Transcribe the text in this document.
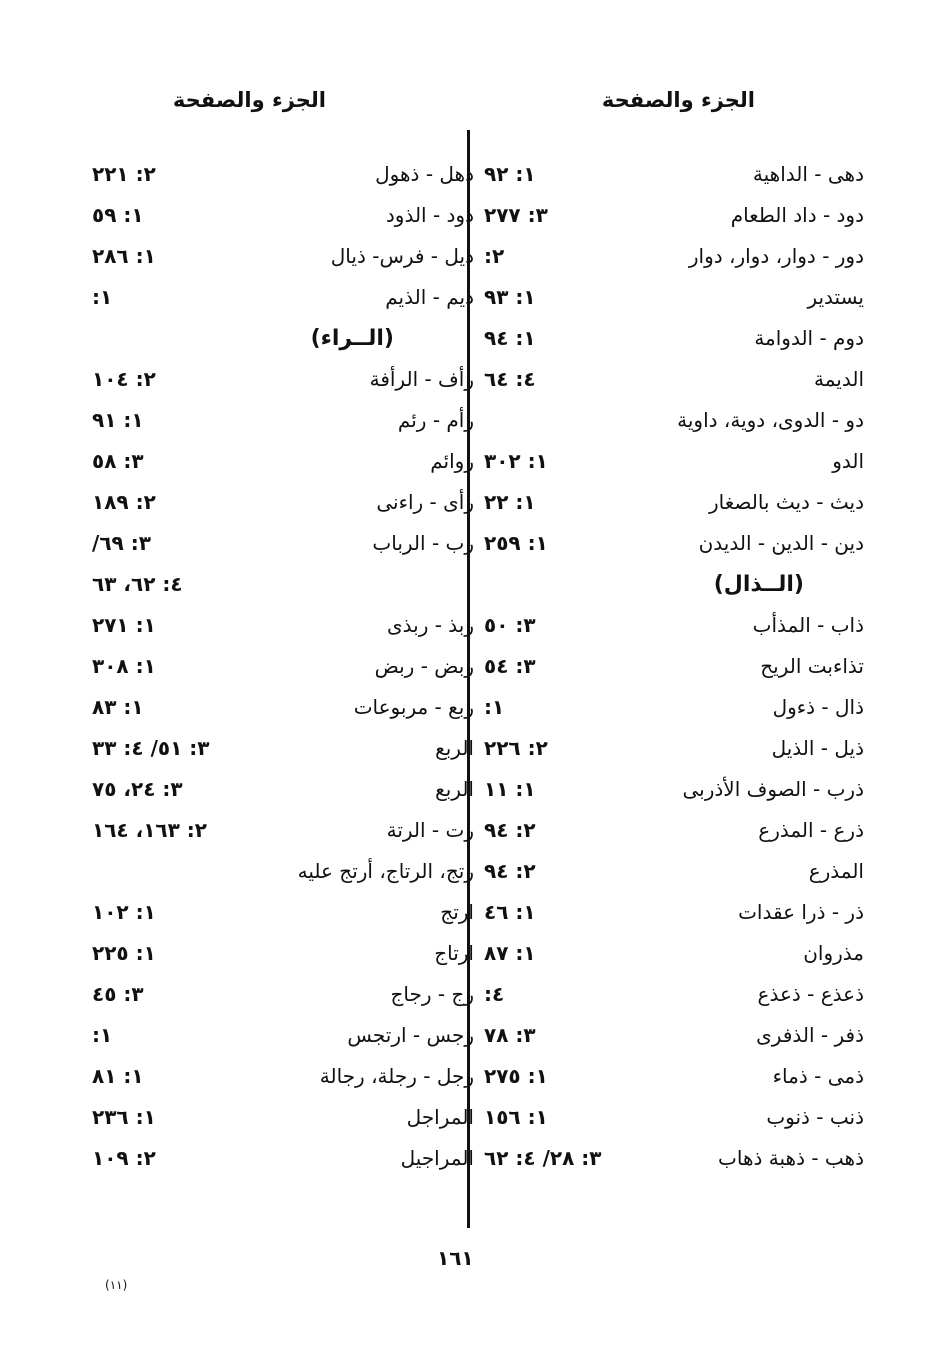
الجزء والصفحة
الجزء والصفحة
دهى - الداهية
١: ٩٢
دود - داد الطعام
٣: ٢٧٧
دور - دوار، دوار، دوار
٢:
يستدير
١: ٩٣
دوم - الدوامة
١: ٩٤
الديمة
٤: ٦٤
دو - الدوى، دوية، داوية
الدو
١: ٣٠٢
ديث - ديث بالصغار
١: ٢٢
دين - الدين - الديدن
١: ٢٥٩
(الــذال)
ذاب - المذأب
٣: ٥٠
تذاءبت الريح
٣: ٥٤
ذال - ذءول
١:
ذيل - الذيل
٢: ٢٢٦
ذرب - الصوف الأذربى
١: ١١
ذرع - المذرع
٢: ٩٤
المذرع
٢: ٩٤
ذر - ذرا عقدات
١: ٤٦
مذروان
١: ٨٧
ذعذع - ذعذع
٤:
ذفر - الذفرى
٣: ٧٨
ذمى - ذماء
١: ٢٧٥
ذنب - ذنوب
١: ١٥٦
ذهب - ذهبة ذهاب
٣: ٢٨/ ٤: ٦٢
ذهل - ذهول
٢: ٢٢١
ذود - الذود
١: ٥٩
ذيل - فرس- ذيال
١: ٢٨٦
ذيم - الذيم
١:
(الــراء)
رأف - الرأفة
٢: ١٠٤
رأم - رئم
١: ٩١
روائم
٣: ٥٨
رأى - راءنى
٢: ١٨٩
رب - الرباب
٣: ٦٩/
٤: ٦٢، ٦٣
ربذ - ربذى
١: ٢٧١
ربض - ربض
١: ٣٠٨
ربع - مربوعات
١: ٨٣
الربع
٣: ٥١/ ٤: ٣٣
الربع
٣: ٢٤، ٧٥
رت - الرتة
٢: ١٦٣، ١٦٤
رتج، الرتاج، أرتج عليه
ارتج
١: ١٠٢
ارتاج
١: ٢٢٥
رج - رجاج
٣: ٤٥
رجس - ارتجس
١:
رجل - رجلة، رجالة
١: ٨١
المراجل
١: ٢٣٦
المراجيل
٢: ١٠٩
١٦١
(١١)
